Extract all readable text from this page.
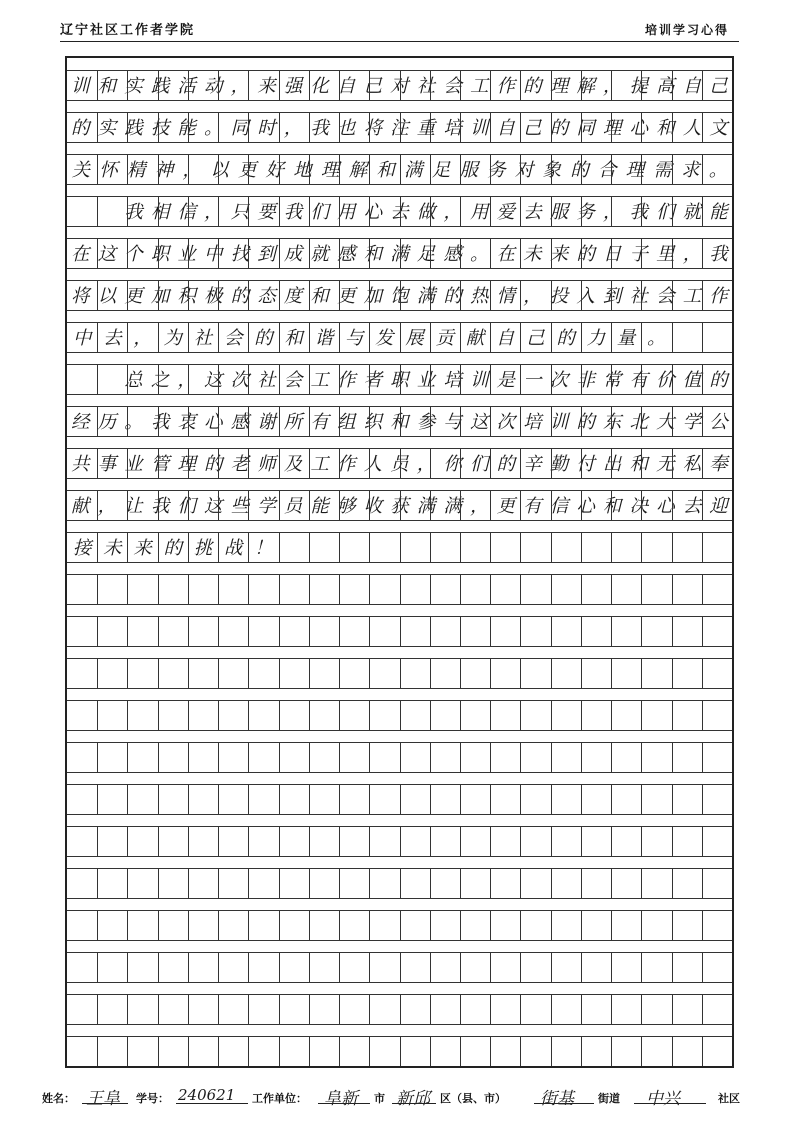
辽宁社区工作者学院	培训学习心得
训 和 实 践 活 动 ， 来 强 化 自 己 对 社 会 工 作 的 理 解 ， 提 高 自 己
的 实 践 技 能 。 同 时 ， 我 也 将 注 重 培 训 自 己 的 同 理 心 和 人 文
关 怀 精 神 ， 以 更 好 地 理 解 和 满 足 服 务 对 象 的 合 理 需 求 。
我 相 信 ， 只 要 我 们 用 心 去 做 ， 用 爱 去 服 务 ， 我 们 就 能
在 这 个 职 业 中 找 到 成 就 感 和 满 足 感 。 在 未 来 的 日 子 里 ， 我
将 以 更 加 积 极 的 态 度 和 更 加 饱 满 的 热 情 ， 投 入 到 社 会 工 作
中 去 ， 为 社 会 的 和 谐 与 发 展 贡 献 自 己 的 力 量 。
总 之 ， 这 次 社 会 工 作 者 职 业 培 训 是 一 次 非 常 有 价 值 的
经 历 。 我 衷 心 感 谢 所 有 组 织 和 参 与 这 次 培 训 的 东 北 大 学 公
共 事 业 管 理 的 老 师 及 工 作 人 员 ， 你 们 的 辛 勤 付 出 和 无 私 奉
献 ， 让 我 们 这 些 学 员 能 够 收 获 满 满 ， 更 有 信 心 和 决 心 去 迎
接 未 来 的 挑 战 ！
姓名： 王阜 学号： 240621 工作单位： 阜新 市 新邱 区（县、市） 街基 街道 中兴	社区
